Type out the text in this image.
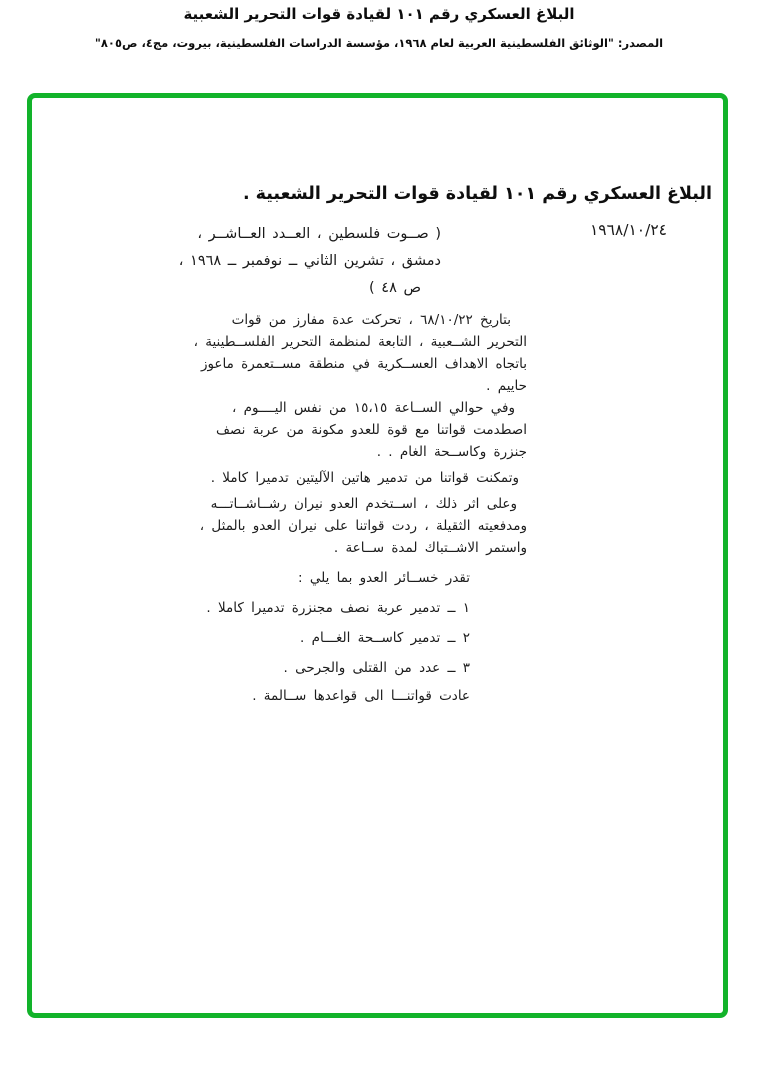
البلاغ العسكري رقم ١٠١ لقيادة قوات التحرير الشعبية
المصدر: "الوثائق الفلسطينية العربية لعام ١٩٦٨، مؤسسة الدراسات الفلسطينية، بيروت، مج٤، ص٨٠٥"
البلاغ العسكري رقم ١٠١ لقيادة قوات التحرير الشعبية .
١٩٦٨/١٠/٢٤
( صــوت فلسطين ، العــدد العــاشــر ،
دمشق ، تشرين الثاني ــ نوفمبر ــ ١٩٦٨ ،
ص ٤٨ )
بتاريخ ٦٨/١٠/٢٢ ، تحركت عدة مفارز من قوات
التحرير الشــعبية ، التابعة لمنظمة التحرير الفلســطينية ،
باتجاه الاهداف العســكرية في منطقة مســتعمرة ماعوز
حاييم .
وفي حوالي الســاعة ١٥،١٥ من نفس اليــــوم ،
اصطدمت قواتنا مع قوة للعدو مكونة من عربة نصف
جنزرة وكاســحة الغام . .
وتمكنت قواتنا من تدمير هاتين الآليتين تدميرا كاملا .
وعلى اثر ذلك ، اســتخدم العدو نيران رشــاشــاتـــه
ومدفعيته الثقيلة ، ردت قواتنا على نيران العدو بالمثل ،
واستمر الاشــتباك لمدة ســاعة .
تقدر خســائر العدو بما يلي :
١ ــ تدمير عربة نصف مجنزرة تدميرا كاملا .
٢ ــ تدمير كاســحة الغـــام .
٣ ــ عدد من القتلى والجرحى .
عادت قواتنـــا الى قواعدها ســالمة .
